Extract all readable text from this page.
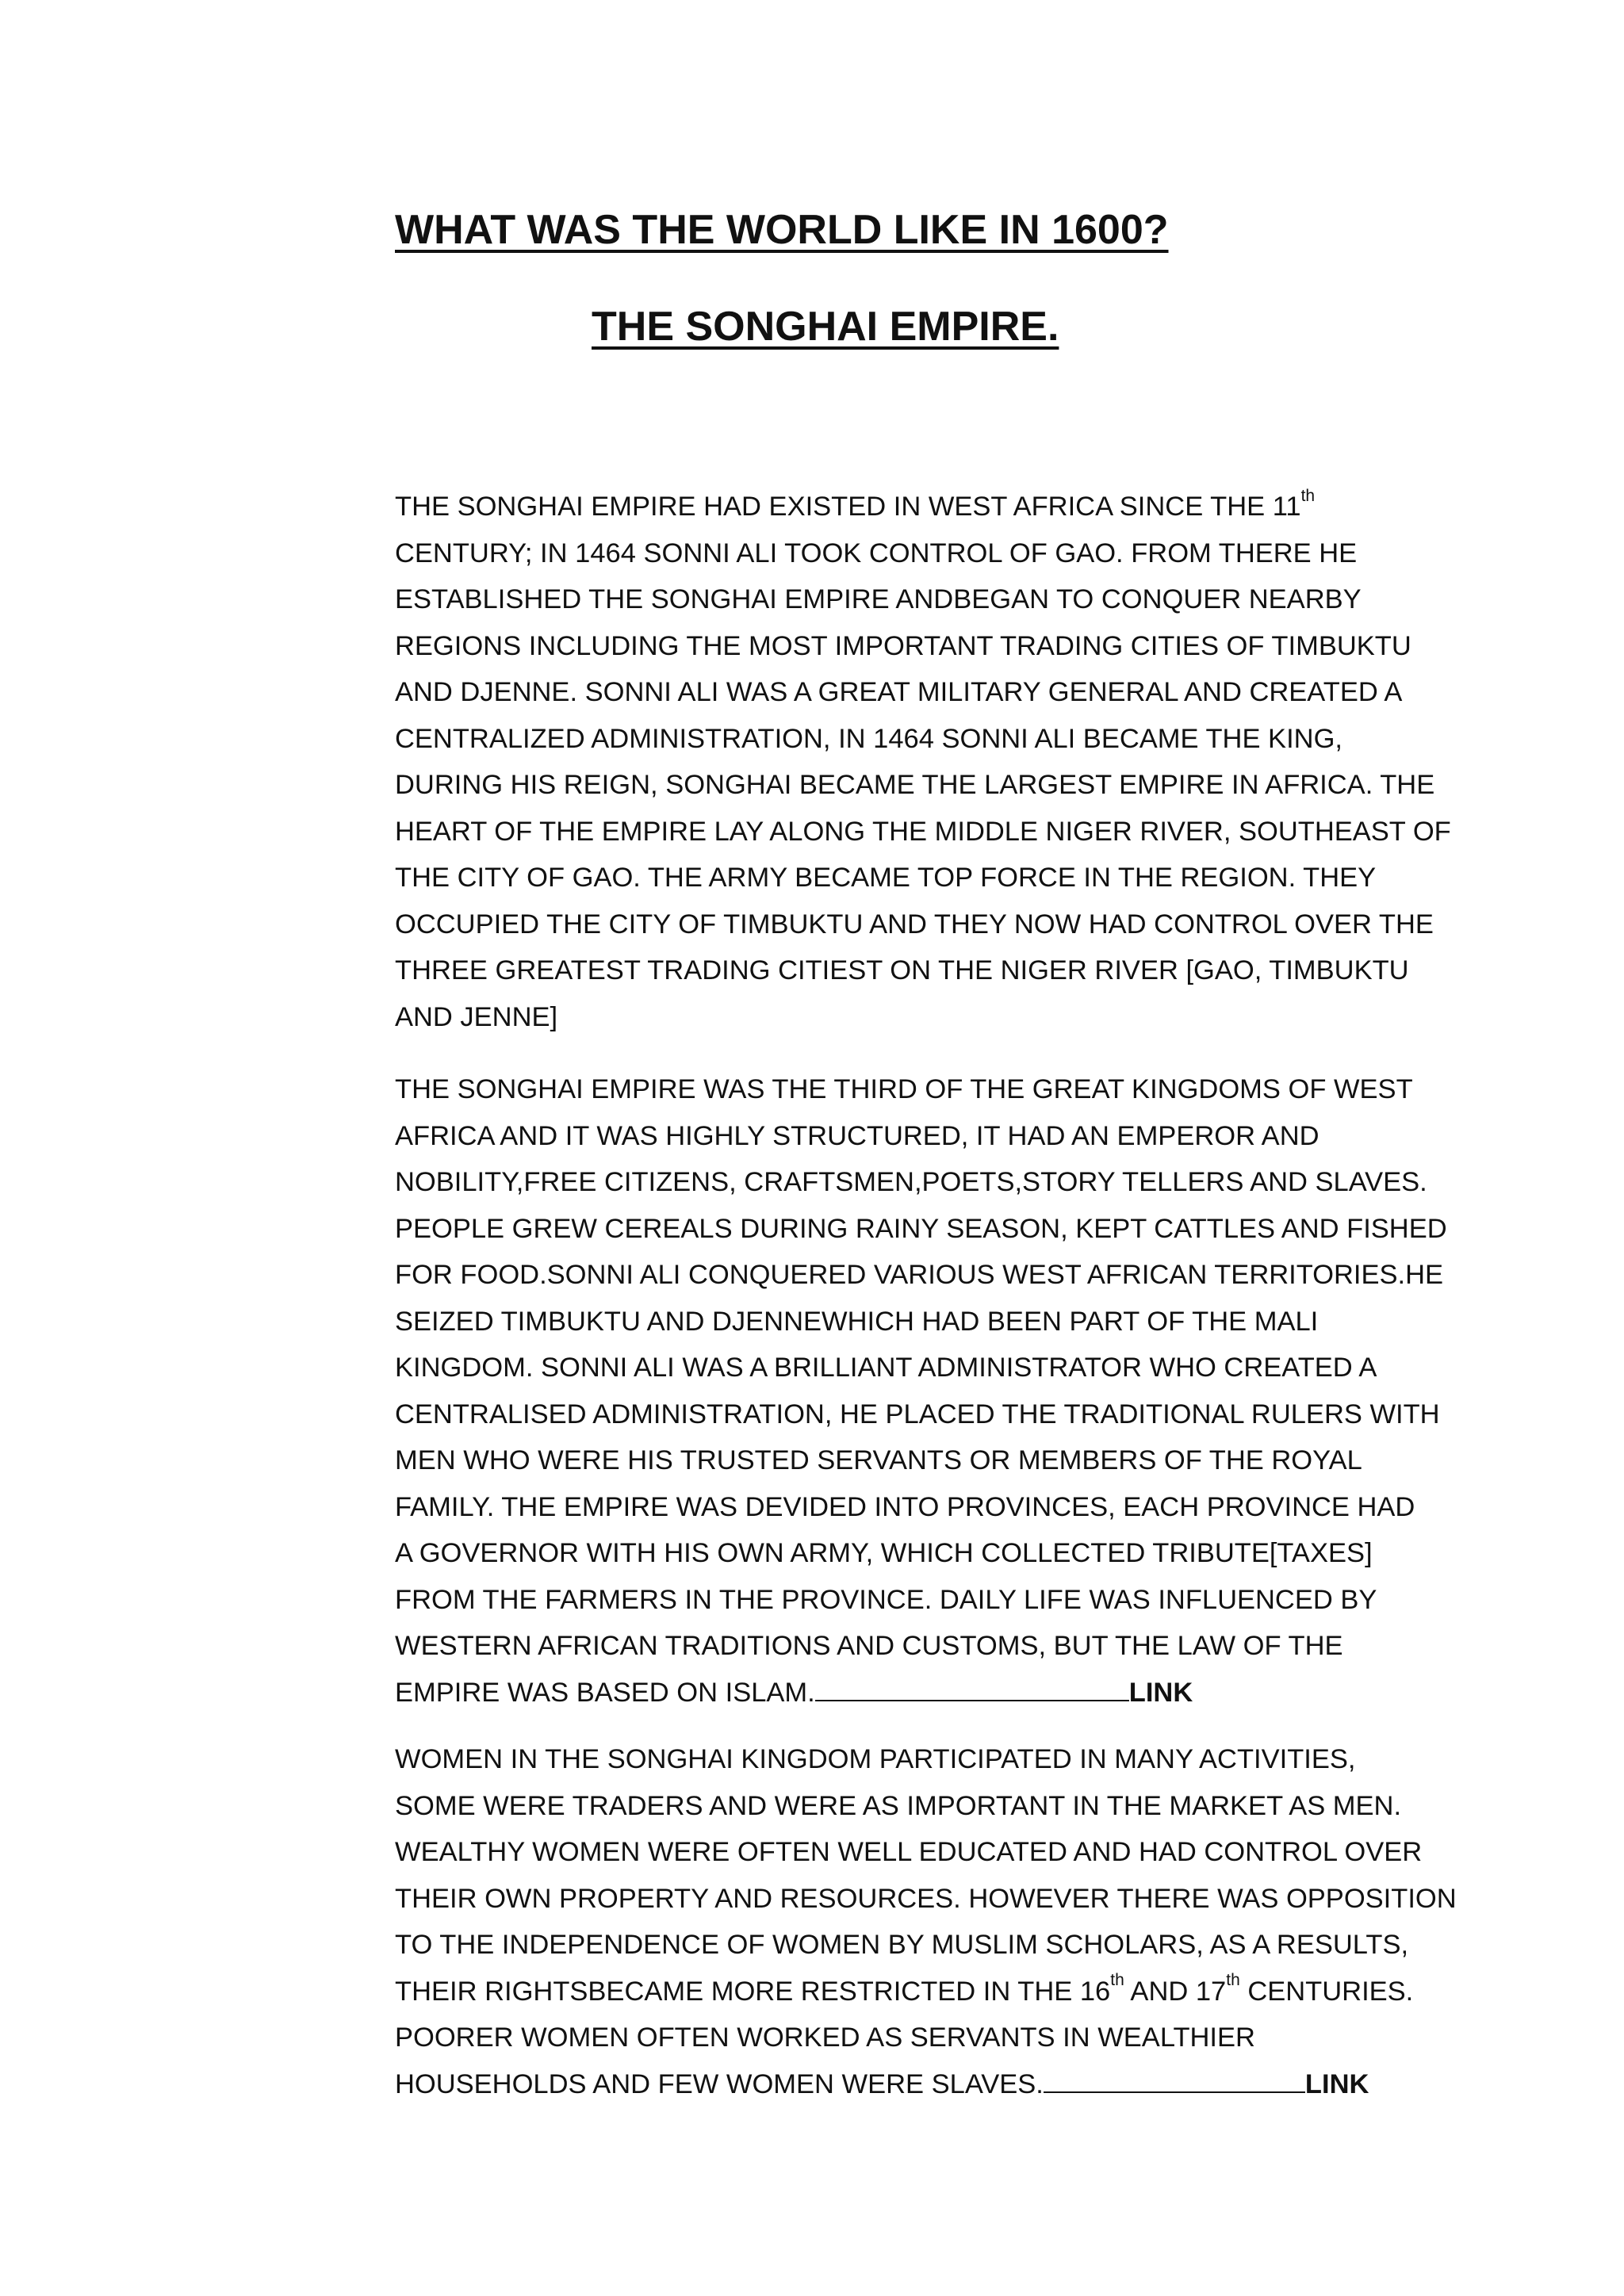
WHAT WAS THE WORLD LIKE IN 1600?
THE SONGHAI EMPIRE.
THE SONGHAI EMPIRE HAD EXISTED IN WEST AFRICA SINCE THE 11th
CENTURY; IN 1464 SONNI ALI TOOK CONTROL OF GAO. FROM THERE HE
ESTABLISHED THE SONGHAI EMPIRE ANDBEGAN TO CONQUER NEARBY
REGIONS INCLUDING THE MOST IMPORTANT TRADING CITIES OF TIMBUKTU
AND DJENNE. SONNI ALI WAS A GREAT MILITARY GENERAL AND CREATED A
CENTRALIZED ADMINISTRATION, IN 1464 SONNI ALI BECAME THE KING,
DURING HIS REIGN, SONGHAI BECAME THE LARGEST EMPIRE IN AFRICA. THE
HEART OF THE EMPIRE LAY ALONG THE MIDDLE NIGER RIVER, SOUTHEAST OF
THE CITY OF GAO. THE ARMY BECAME TOP FORCE IN THE REGION. THEY
OCCUPIED THE CITY OF TIMBUKTU AND THEY NOW HAD CONTROL OVER THE
THREE GREATEST TRADING CITIEST ON THE NIGER RIVER [GAO, TIMBUKTU
AND JENNE]
THE SONGHAI EMPIRE WAS THE THIRD OF THE GREAT KINGDOMS OF WEST
AFRICA AND IT WAS HIGHLY STRUCTURED, IT HAD AN EMPEROR AND
NOBILITY,FREE CITIZENS, CRAFTSMEN,POETS,STORY TELLERS AND SLAVES.
PEOPLE GREW CEREALS DURING RAINY SEASON, KEPT CATTLES AND FISHED
FOR FOOD.SONNI ALI CONQUERED VARIOUS WEST AFRICAN TERRITORIES.HE
SEIZED TIMBUKTU AND DJENNEWHICH HAD BEEN PART OF THE MALI
KINGDOM. SONNI ALI WAS A BRILLIANT ADMINISTRATOR WHO CREATED A
CENTRALISED ADMINISTRATION, HE PLACED THE TRADITIONAL RULERS WITH
MEN WHO WERE HIS TRUSTED SERVANTS OR MEMBERS OF THE ROYAL
FAMILY. THE EMPIRE WAS DEVIDED INTO PROVINCES, EACH PROVINCE HAD
A GOVERNOR WITH HIS OWN ARMY, WHICH COLLECTED TRIBUTE[TAXES]
FROM THE FARMERS IN THE PROVINCE. DAILY LIFE WAS INFLUENCED BY
WESTERN AFRICAN TRADITIONS AND CUSTOMS, BUT THE LAW OF THE
EMPIRE WAS BASED ON ISLAM.	LINK
WOMEN IN THE SONGHAI KINGDOM PARTICIPATED IN MANY ACTIVITIES,
SOME WERE TRADERS AND WERE AS IMPORTANT IN THE MARKET AS MEN.
WEALTHY WOMEN WERE OFTEN WELL EDUCATED AND HAD CONTROL OVER
THEIR OWN PROPERTY AND RESOURCES. HOWEVER THERE WAS OPPOSITION
TO THE INDEPENDENCE OF WOMEN BY MUSLIM SCHOLARS, AS A RESULTS,
THEIR RIGHTSBECAME MORE RESTRICTED IN THE 16th AND 17th CENTURIES.
POORER WOMEN OFTEN WORKED AS SERVANTS IN WEALTHIER
HOUSEHOLDS AND FEW WOMEN WERE SLAVES.	LINK
